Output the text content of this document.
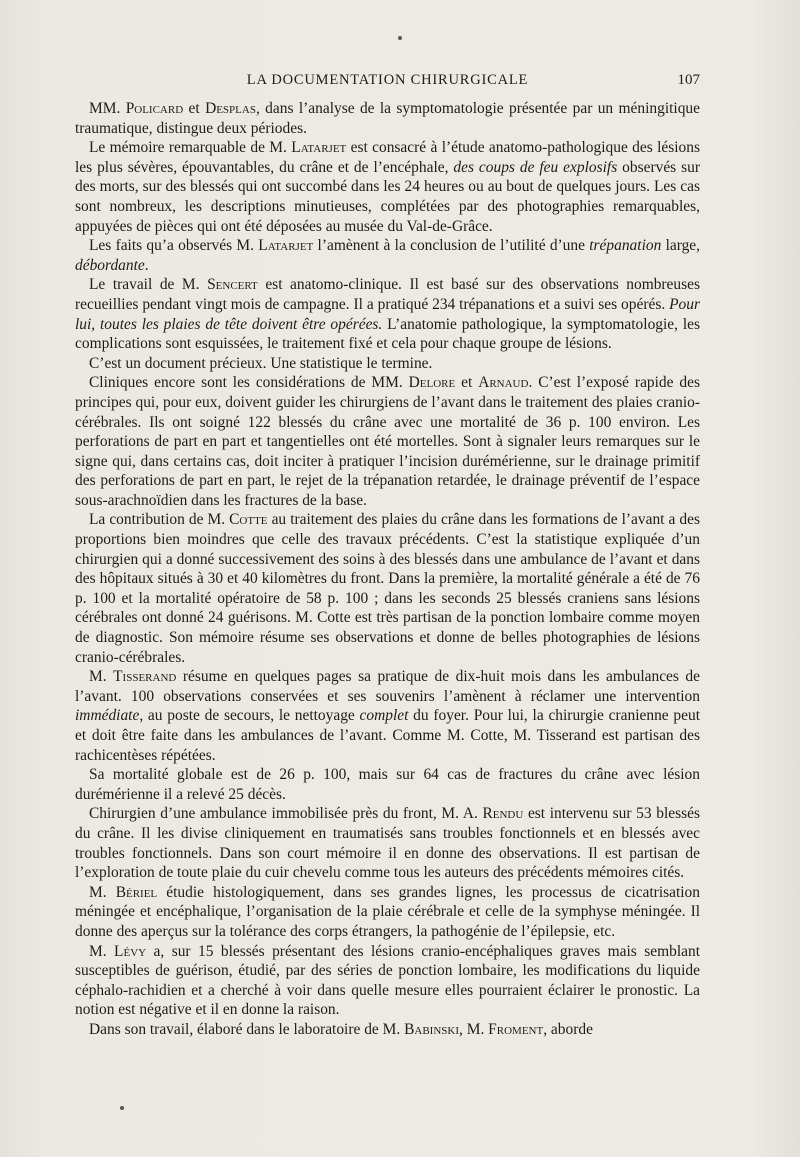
LA DOCUMENTATION CHIRURGICALE	107

MM. Policard et Desplas, dans l’analyse de la symptomatologie présentée par un méningitique traumatique, distingue deux périodes.

Le mémoire remarquable de M. Latarjet est consacré à l’étude anatomo-pathologique des lésions les plus sévères, épouvantables, du crâne et de l’encéphale, des coups de feu explosifs observés sur des morts, sur des blessés qui ont succombé dans les 24 heures ou au bout de quelques jours. Les cas sont nombreux, les descriptions minutieuses, complétées par des photographies remarquables, appuyées de pièces qui ont été déposées au musée du Val-de-Grâce.

Les faits qu’a observés M. Latarjet l’amènent à la conclusion de l’utilité d’une trépanation large, débordante.

Le travail de M. Sencert est anatomo-clinique. Il est basé sur des observations nombreuses recueillies pendant vingt mois de campagne. Il a pratiqué 234 trépanations et a suivi ses opérés. Pour lui, toutes les plaies de tête doivent être opérées. L’anatomie pathologique, la symptomatologie, les complications sont esquissées, le traitement fixé et cela pour chaque groupe de lésions.

C’est un document précieux. Une statistique le termine.

Cliniques encore sont les considérations de MM. Delore et Arnaud. C’est l’exposé rapide des principes qui, pour eux, doivent guider les chirurgiens de l’avant dans le traitement des plaies cranio-cérébrales. Ils ont soigné 122 blessés du crâne avec une mortalité de 36 p. 100 environ. Les perforations de part en part et tangentielles ont été mortelles. Sont à signaler leurs remarques sur le signe qui, dans certains cas, doit inciter à pratiquer l’incision durémérienne, sur le drainage primitif des perforations de part en part, le rejet de la trépanation retardée, le drainage préventif de l’espace sous-arachnoïdien dans les fractures de la base.

La contribution de M. Cotte au traitement des plaies du crâne dans les formations de l’avant a des proportions bien moindres que celle des travaux précédents. C’est la statistique expliquée d’un chirurgien qui a donné successivement des soins à des blessés dans une ambulance de l’avant et dans des hôpitaux situés à 30 et 40 kilomètres du front. Dans la première, la mortalité générale a été de 76 p. 100 et la mortalité opératoire de 58 p. 100 ; dans les seconds 25 blessés craniens sans lésions cérébrales ont donné 24 guérisons. M. Cotte est très partisan de la ponction lombaire comme moyen de diagnostic. Son mémoire résume ses observations et donne de belles photographies de lésions cranio-cérébrales.

M. Tisserand résume en quelques pages sa pratique de dix-huit mois dans les ambulances de l’avant. 100 observations conservées et ses souvenirs l’amènent à réclamer une intervention immédiate, au poste de secours, le nettoyage complet du foyer. Pour lui, la chirurgie cranienne peut et doit être faite dans les ambulances de l’avant. Comme M. Cotte, M. Tisserand est partisan des rachicentèses répétées.

Sa mortalité globale est de 26 p. 100, mais sur 64 cas de fractures du crâne avec lésion durémérienne il a relevé 25 décès.

Chirurgien d’une ambulance immobilisée près du front, M. A. Rendu est intervenu sur 53 blessés du crâne. Il les divise cliniquement en traumatisés sans troubles fonctionnels et en blessés avec troubles fonctionnels. Dans son court mémoire il en donne des observations. Il est partisan de l’exploration de toute plaie du cuir chevelu comme tous les auteurs des précédents mémoires cités.

M. Bériel étudie histologiquement, dans ses grandes lignes, les processus de cicatrisation méningée et encéphalique, l’organisation de la plaie cérébrale et celle de la symphyse méningée. Il donne des aperçus sur la tolérance des corps étrangers, la pathogénie de l’épilepsie, etc.

M. Lévy a, sur 15 blessés présentant des lésions cranio-encéphaliques graves mais semblant susceptibles de guérison, étudié, par des séries de ponction lombaire, les modifications du liquide céphalo-rachidien et a cherché à voir dans quelle mesure elles pourraient éclairer le pronostic. La notion est négative et il en donne la raison.

Dans son travail, élaboré dans le laboratoire de M. Babinski, M. Froment, aborde
